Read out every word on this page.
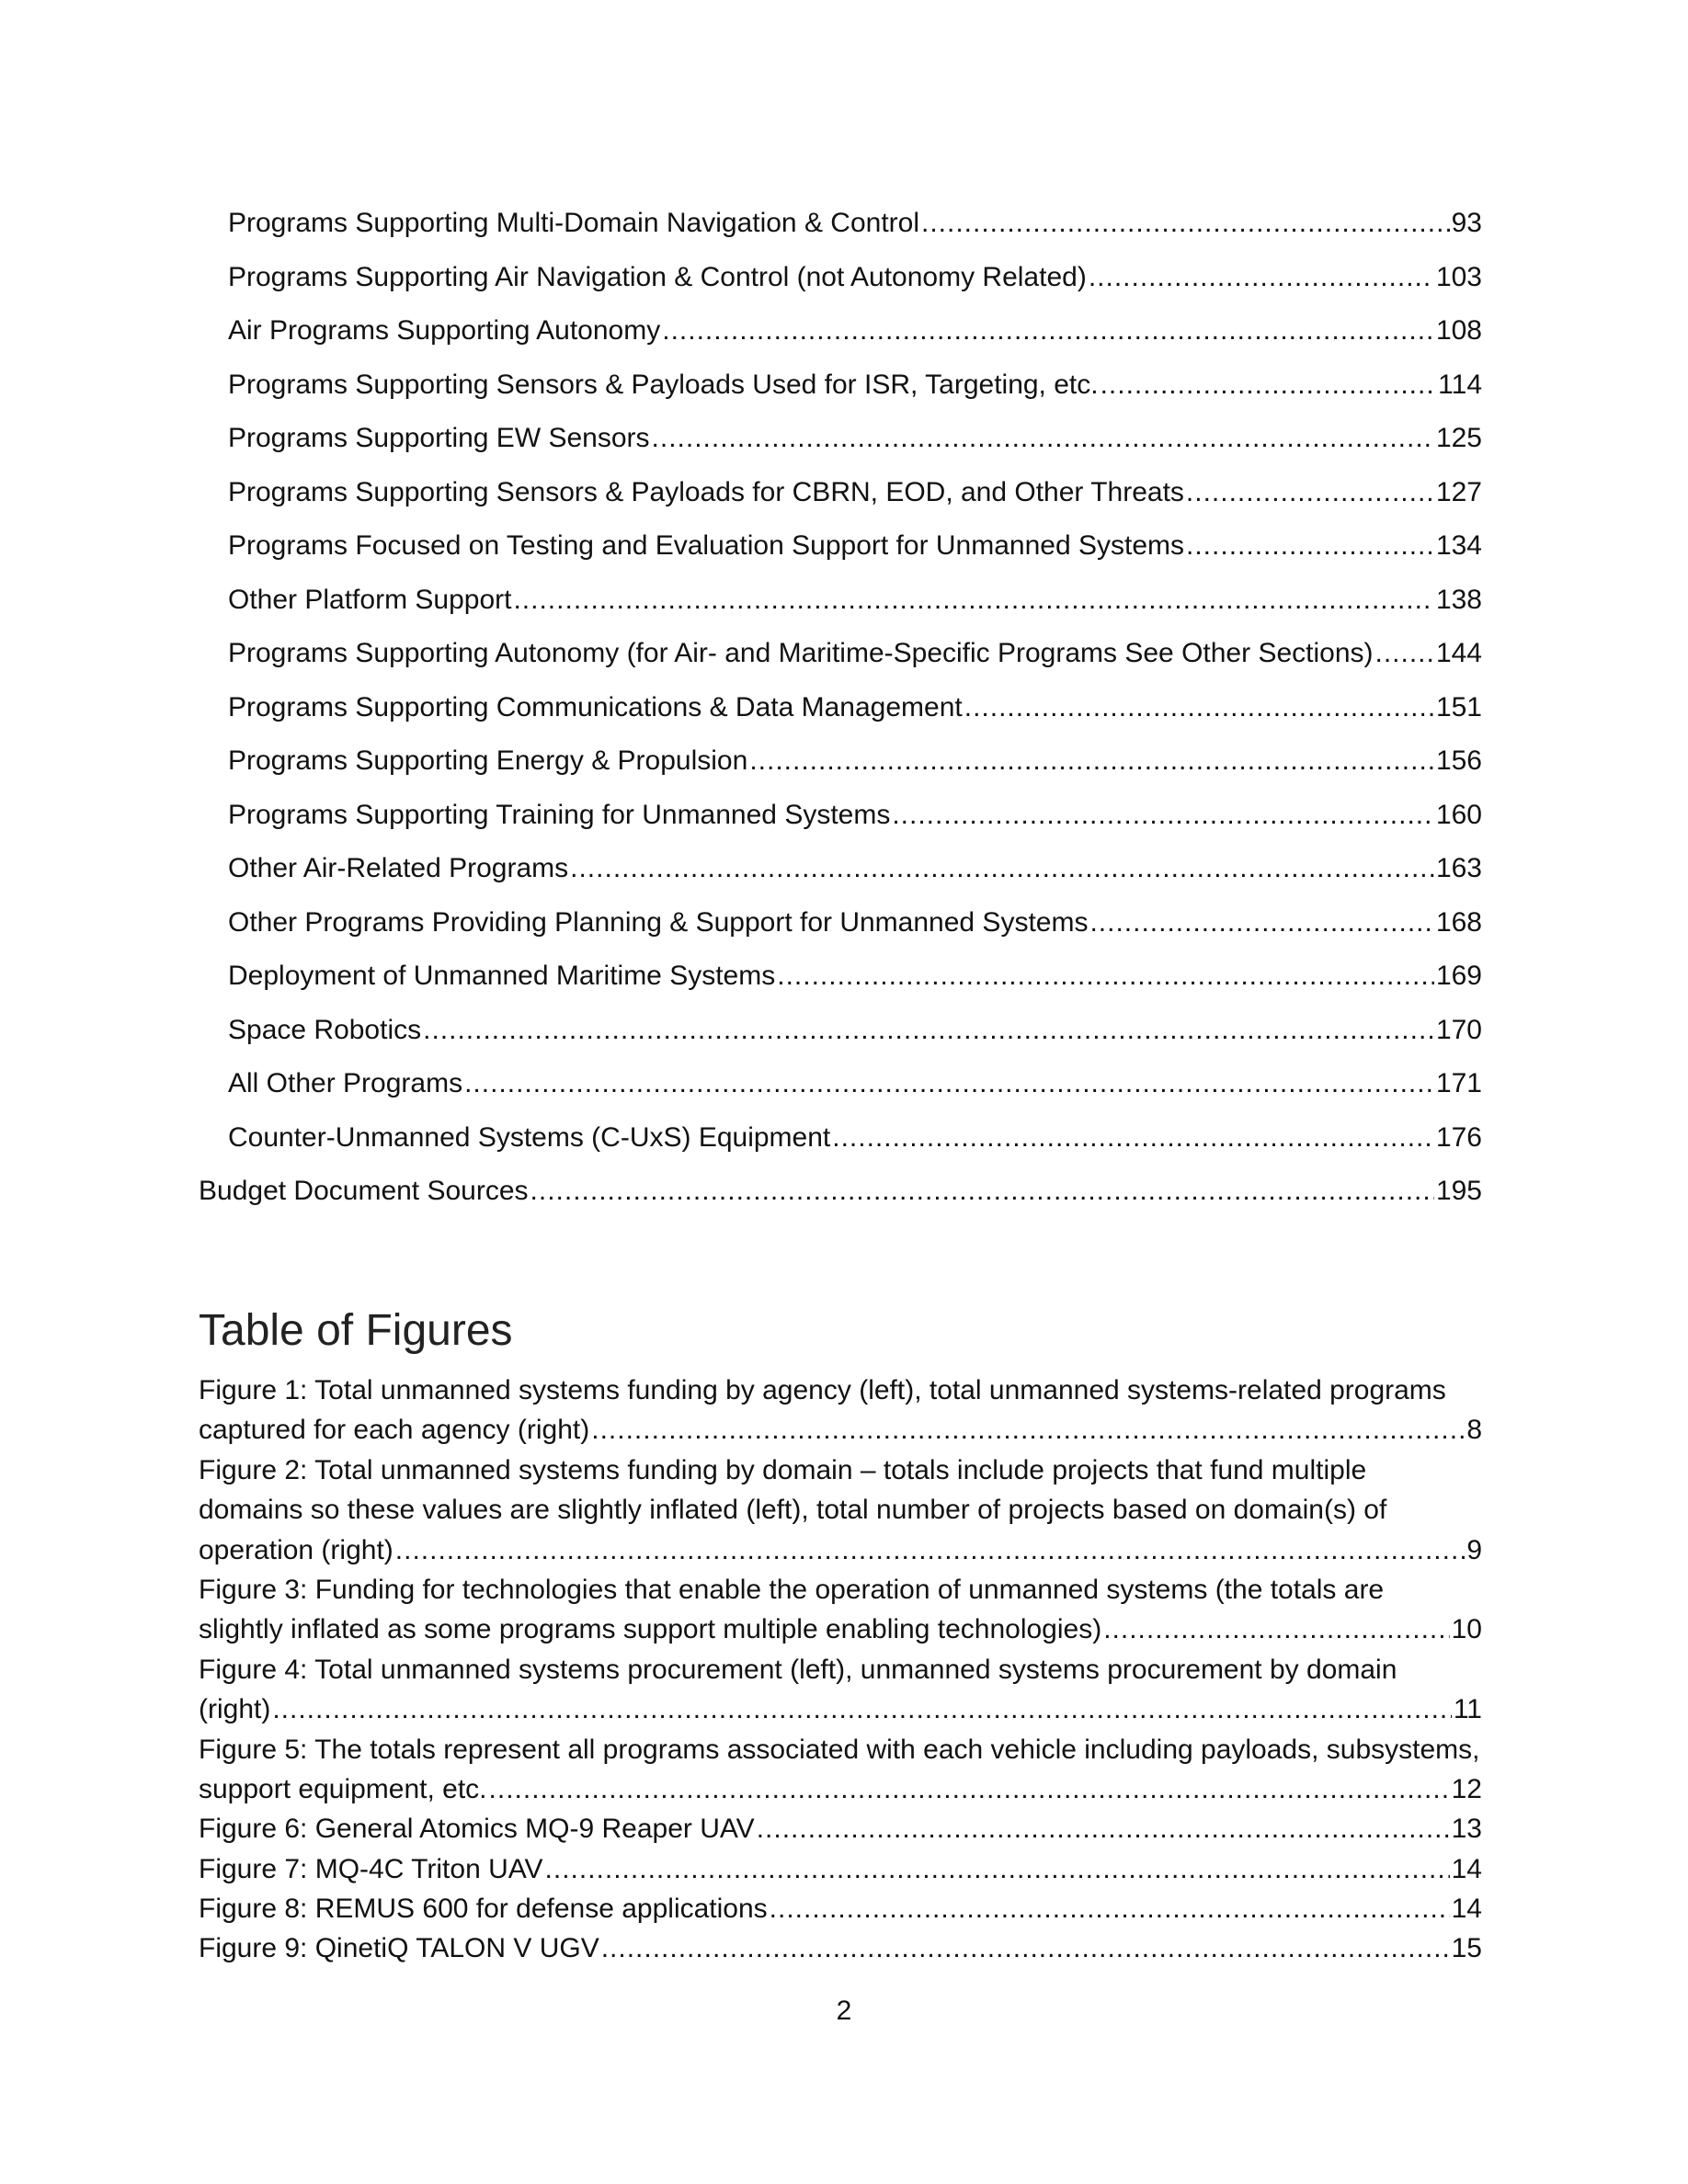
Programs Supporting Multi-Domain Navigation & Control .....	93
Programs Supporting Air Navigation & Control (not Autonomy Related) .....	103
Air Programs Supporting Autonomy .....	108
Programs Supporting Sensors & Payloads Used for ISR, Targeting, etc. .....	114
Programs Supporting EW Sensors .....	125
Programs Supporting Sensors & Payloads for CBRN, EOD, and Other Threats .....	127
Programs Focused on Testing and Evaluation Support for Unmanned Systems .....	134
Other Platform Support .....	138
Programs Supporting Autonomy (for Air- and Maritime-Specific Programs See Other Sections) ..... 144
Programs Supporting Communications & Data Management .....	151
Programs Supporting Energy & Propulsion .....	156
Programs Supporting Training for Unmanned Systems .....	160
Other Air-Related Programs .....	163
Other Programs Providing Planning & Support for Unmanned Systems .....	168
Deployment of Unmanned Maritime Systems .....	169
Space Robotics .....	170
All Other Programs .....	171
Counter-Unmanned Systems (C-UxS) Equipment .....	176
Budget Document Sources .....	195
Table of Figures
Figure 1: Total unmanned systems funding by agency (left), total unmanned systems-related programs
captured for each agency (right) .....	8
Figure 2: Total unmanned systems funding by domain – totals include projects that fund multiple
domains so these values are slightly inflated (left), total number of projects based on domain(s) of
operation (right) .....	9
Figure 3: Funding for technologies that enable the operation of unmanned systems (the totals are
slightly inflated as some programs support multiple enabling technologies) .....	10
Figure 4: Total unmanned systems procurement (left), unmanned systems procurement by domain
(right) .....	11
Figure 5: The totals represent all programs associated with each vehicle including payloads, subsystems,
support equipment, etc. .....	12
Figure 6: General Atomics MQ-9 Reaper UAV .....	13
Figure 7: MQ-4C Triton UAV .....	14
Figure 8: REMUS 600 for defense applications .....	14
Figure 9: QinetiQ TALON V UGV .....	15
2
